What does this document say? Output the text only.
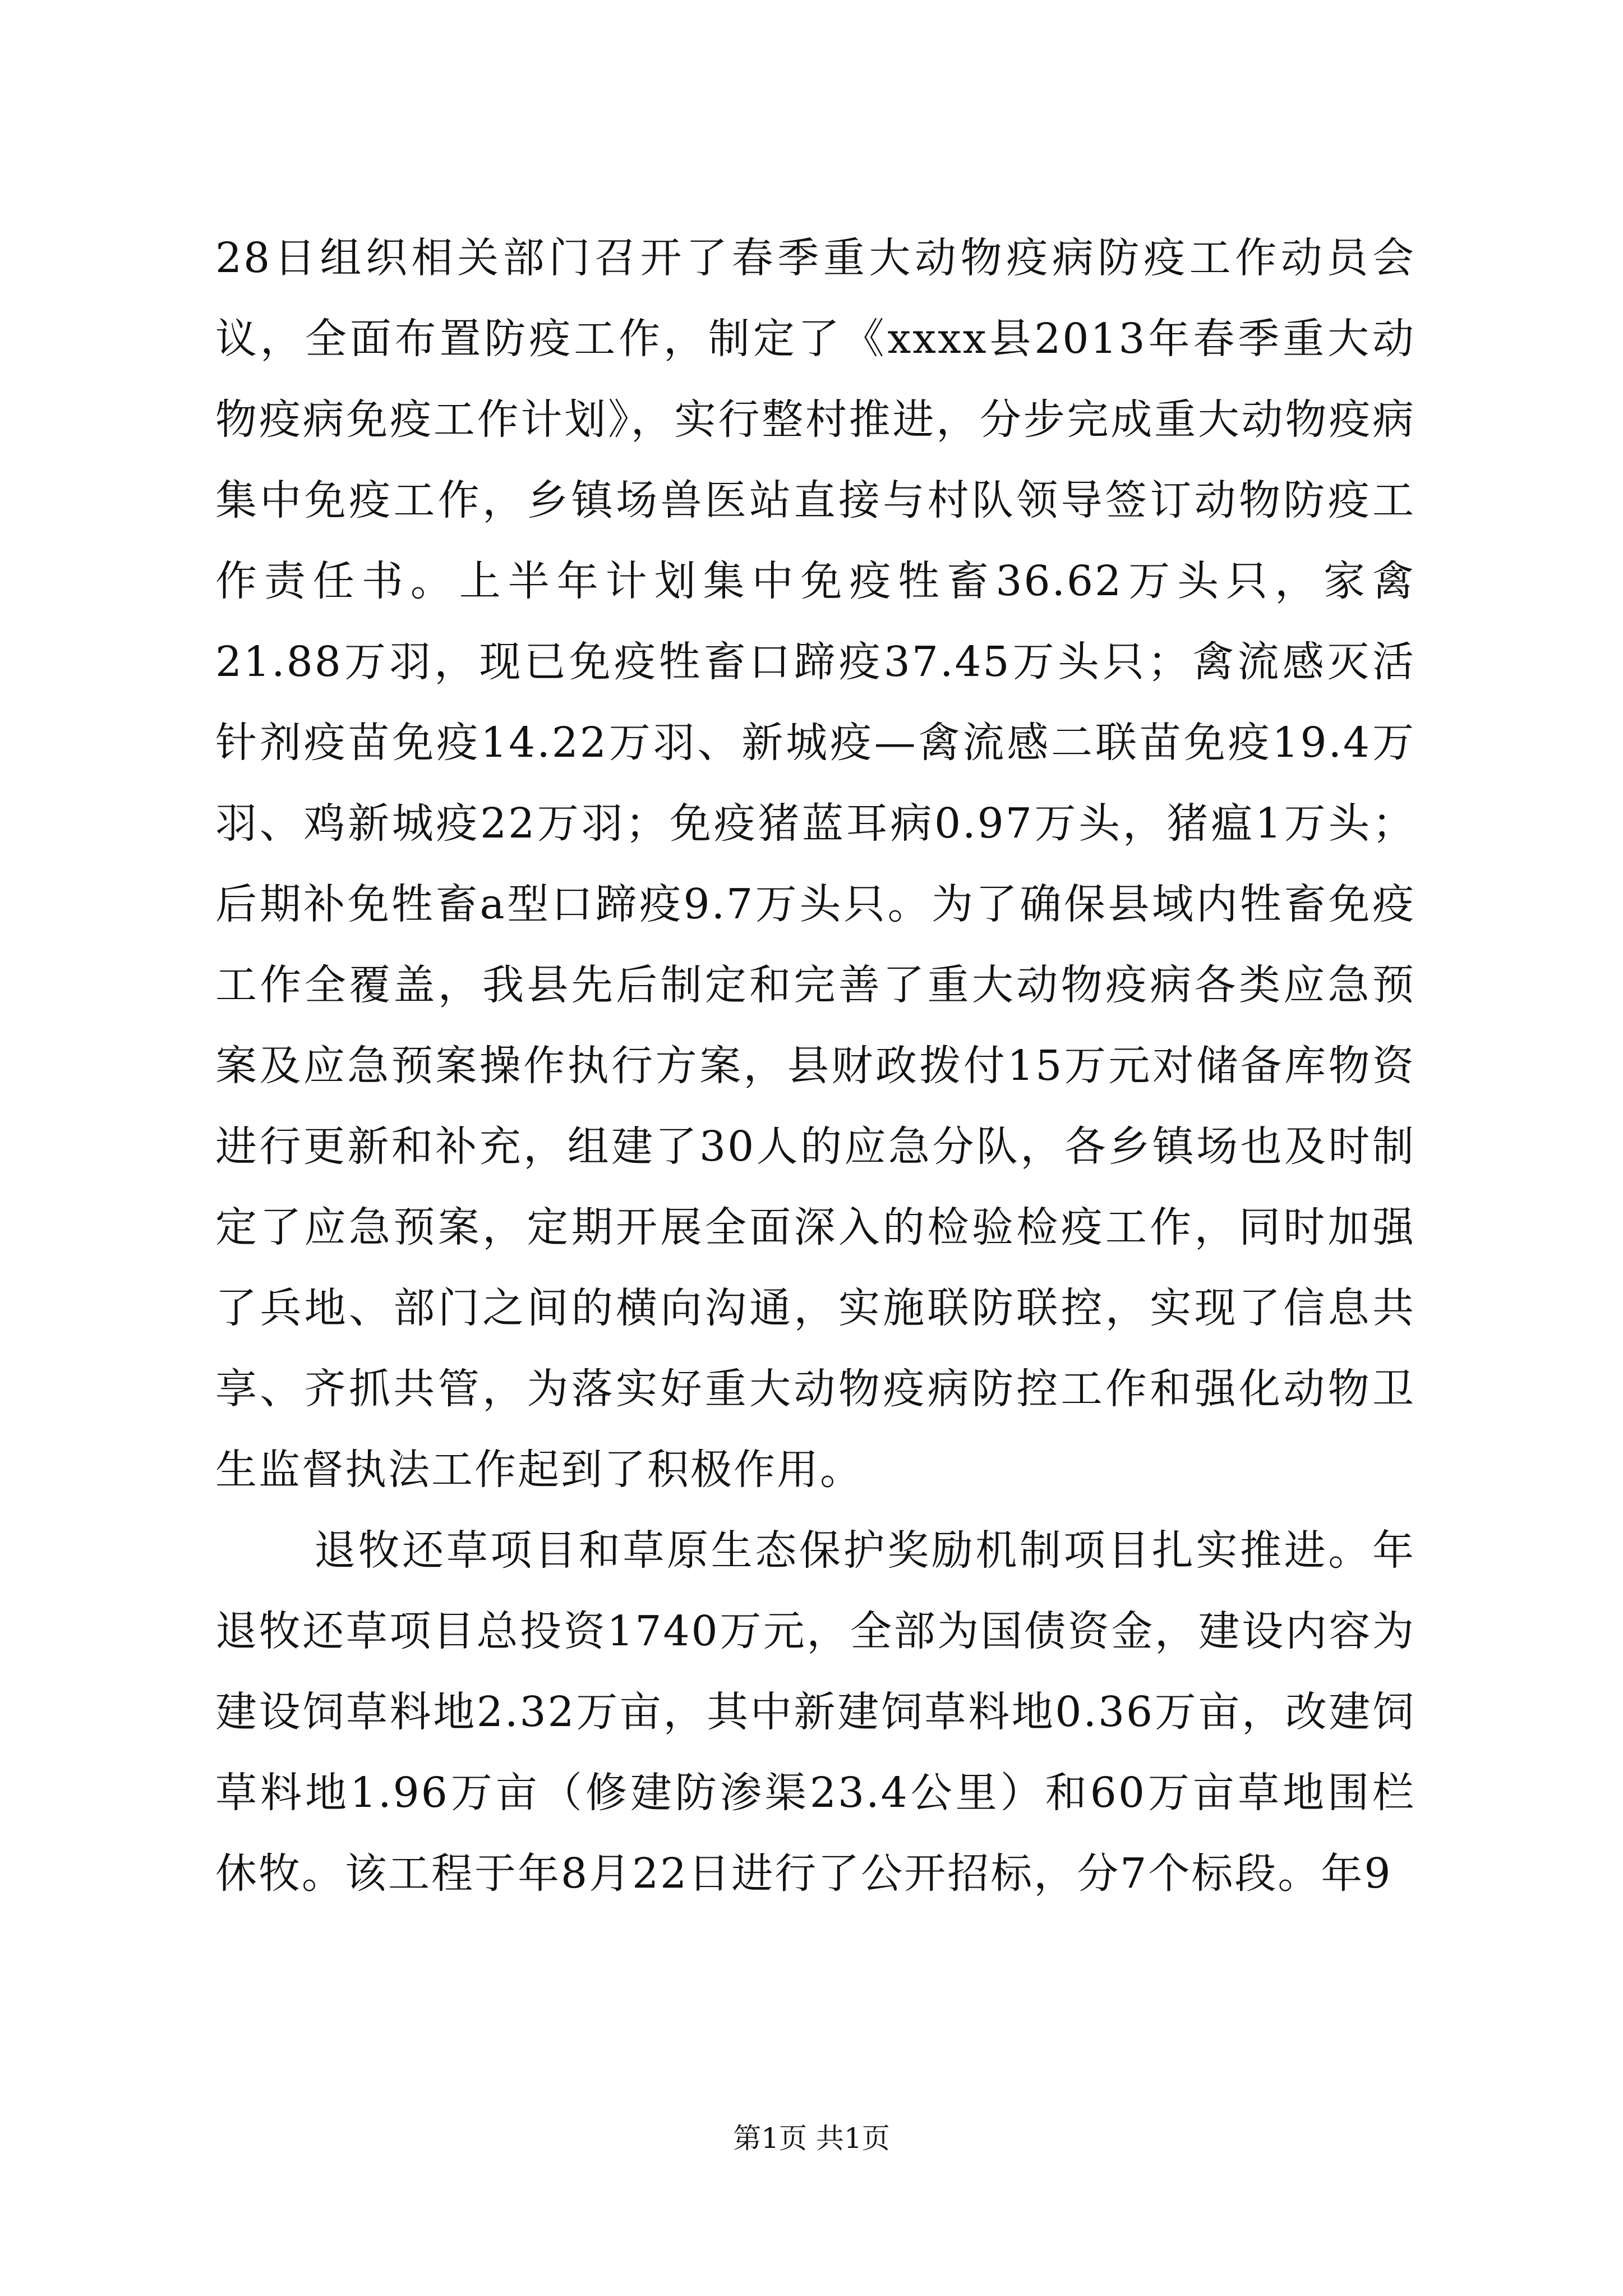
28日组织相关部门召开了春季重大动物疫病防疫工作动员会议，全面布置防疫工作，制定了《xxxx县2013年春季重大动物疫病免疫工作计划》，实行整村推进，分步完成重大动物疫病集中免疫工作，乡镇场兽医站直接与村队领导签订动物防疫工作责任书。上半年计划集中免疫牲畜36.62万头只，家禽21.88万羽，现已免疫牲畜口蹄疫37.45万头只；禽流感灭活针剂疫苗免疫14.22万羽、新城疫—禽流感二联苗免疫19.4万羽、鸡新城疫22万羽；免疫猪蓝耳病0.97万头，猪瘟1万头；后期补免牲畜a型口蹄疫9.7万头只。为了确保县域内牲畜免疫工作全覆盖，我县先后制定和完善了重大动物疫病各类应急预案及应急预案操作执行方案，县财政拨付15万元对储备库物资进行更新和补充，组建了30人的应急分队，各乡镇场也及时制定了应急预案，定期开展全面深入的检验检疫工作，同时加强了兵地、部门之间的横向沟通，实施联防联控，实现了信息共享、齐抓共管，为落实好重大动物疫病防控工作和强化动物卫生监督执法工作起到了积极作用。

退牧还草项目和草原生态保护奖励机制项目扎实推进。年退牧还草项目总投资1740万元，全部为国债资金，建设内容为建设饲草料地2.32万亩，其中新建饲草料地0.36万亩，改建饲草料地1.96万亩（修建防渗渠23.4公里）和60万亩草地围栏休牧。该工程于年8月22日进行了公开招标，分7个标段。年9

第1页 共1页
